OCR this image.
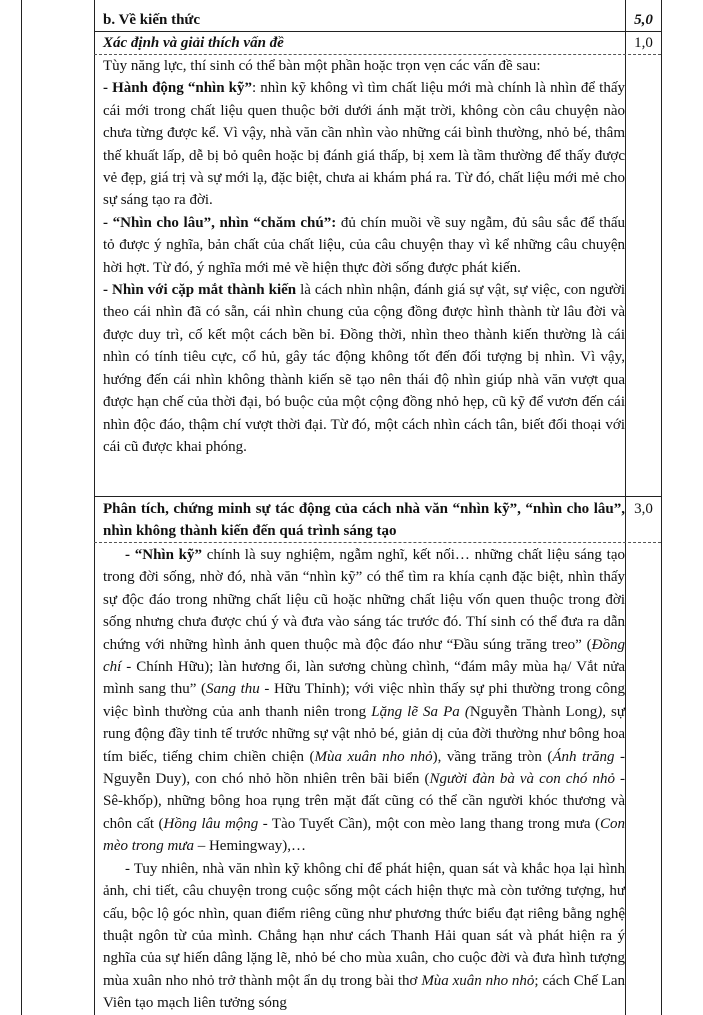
b. Về kiến thức	5,0
Xác định và giải thích vấn đề	1,0

Tùy năng lực, thí sinh có thể bàn một phần hoặc trọn vẹn các vấn đề sau:

- Hành động “nhìn kỹ”: nhìn kỹ không vì tìm chất liệu mới mà chính là nhìn để thấy cái mới trong chất liệu quen thuộc bởi dưới ánh mặt trời, không còn câu chuyện nào chưa từng được kể. Vì vậy, nhà văn cần nhìn vào những cái bình thường, nhỏ bé, thâm thế khuất lấp, dễ bị bỏ quên hoặc bị đánh giá thấp, bị xem là tầm thường để thấy được vẻ đẹp, giá trị và sự mới lạ, đặc biệt, chưa ai khám phá ra. Từ đó, chất liệu mới mẻ cho sự sáng tạo ra đời.

- “Nhìn cho lâu”, nhìn “chăm chú”: đủ chín muồi về suy ngẫm, đủ sâu sắc để thấu tỏ được ý nghĩa, bản chất của chất liệu, của câu chuyện thay vì kể những câu chuyện hời hợt. Từ đó, ý nghĩa mới mẻ về hiện thực đời sống được phát kiến.

- Nhìn với cặp mắt thành kiến là cách nhìn nhận, đánh giá sự vật, sự việc, con người theo cái nhìn đã có sẵn, cái nhìn chung của cộng đồng được hình thành từ lâu đời và được duy trì, cố kết một cách bền bỉ. Đồng thời, nhìn theo thành kiến thường là cái nhìn có tính tiêu cực, cổ hủ, gây tác động không tốt đến đối tượng bị nhìn. Vì vậy, hướng đến cái nhìn không thành kiến sẽ tạo nên thái độ nhìn giúp nhà văn vượt qua được hạn chế của thời đại, bó buộc của một cộng đồng nhỏ hẹp, cũ kỹ để vươn đến cái nhìn độc đáo, thậm chí vượt thời đại. Từ đó, một cách nhìn cách tân, biết đối thoại với cái cũ được khai phóng.

Phân tích, chứng minh sự tác động của cách nhà văn “nhìn kỹ”, “nhìn cho lâu”, nhìn không thành kiến đến quá trình sáng tạo
3,0

- “Nhìn kỹ” chính là suy nghiệm, ngẫm nghĩ, kết nối… những chất liệu sáng tạo trong đời sống, nhờ đó, nhà văn “nhìn kỹ” có thể tìm ra khía cạnh đặc biệt, nhìn thấy sự độc đáo trong những chất liệu cũ hoặc những chất liệu vốn quen thuộc trong đời sống nhưng chưa được chú ý và đưa vào sáng tác trước đó. Thí sinh có thể đưa ra dẫn chứng với những hình ảnh quen thuộc mà độc đáo như “Đầu súng trăng treo” (Đồng chí - Chính Hữu); làn hương ổi, làn sương chùng chình, “đám mây mùa hạ/ Vắt nửa mình sang thu” (Sang thu - Hữu Thỉnh); với việc nhìn thấy sự phi thường trong công việc bình thường của anh thanh niên trong Lặng lẽ Sa Pa (Nguyễn Thành Long), sự rung động đầy tinh tế trước những sự vật nhỏ bé, giản dị của đời thường như bông hoa tím biếc, tiếng chim chiền chiện (Mùa xuân nho nhỏ), vầng trăng tròn (Ánh trăng - Nguyễn Duy), con chó nhỏ hồn nhiên trên bãi biển (Người đàn bà và con chó nhỏ - Sê-khốp), những bông hoa rụng trên mặt đất cũng có thể cần người khóc thương và chôn cất (Hồng lâu mộng - Tào Tuyết Cần), một con mèo lang thang trong mưa (Con mèo trong mưa – Hemingway),…

- Tuy nhiên, nhà văn nhìn kỹ không chỉ để phát hiện, quan sát và khắc họa lại hình ảnh, chi tiết, câu chuyện trong cuộc sống một cách hiện thực mà còn tưởng tượng, hư cấu, bộc lộ góc nhìn, quan điểm riêng cũng như phương thức biểu đạt riêng bằng nghệ thuật ngôn từ của mình. Chẳng hạn như cách Thanh Hải quan sát và phát hiện ra ý nghĩa của sự hiến dâng lặng lẽ, nhỏ bé cho mùa xuân, cho cuộc đời và đưa hình tượng mùa xuân nho nhỏ trở thành một ẩn dụ trong bài thơ Mùa xuân nho nhỏ; cách Chế Lan Viên tạo mạch liên tưởng sóng
